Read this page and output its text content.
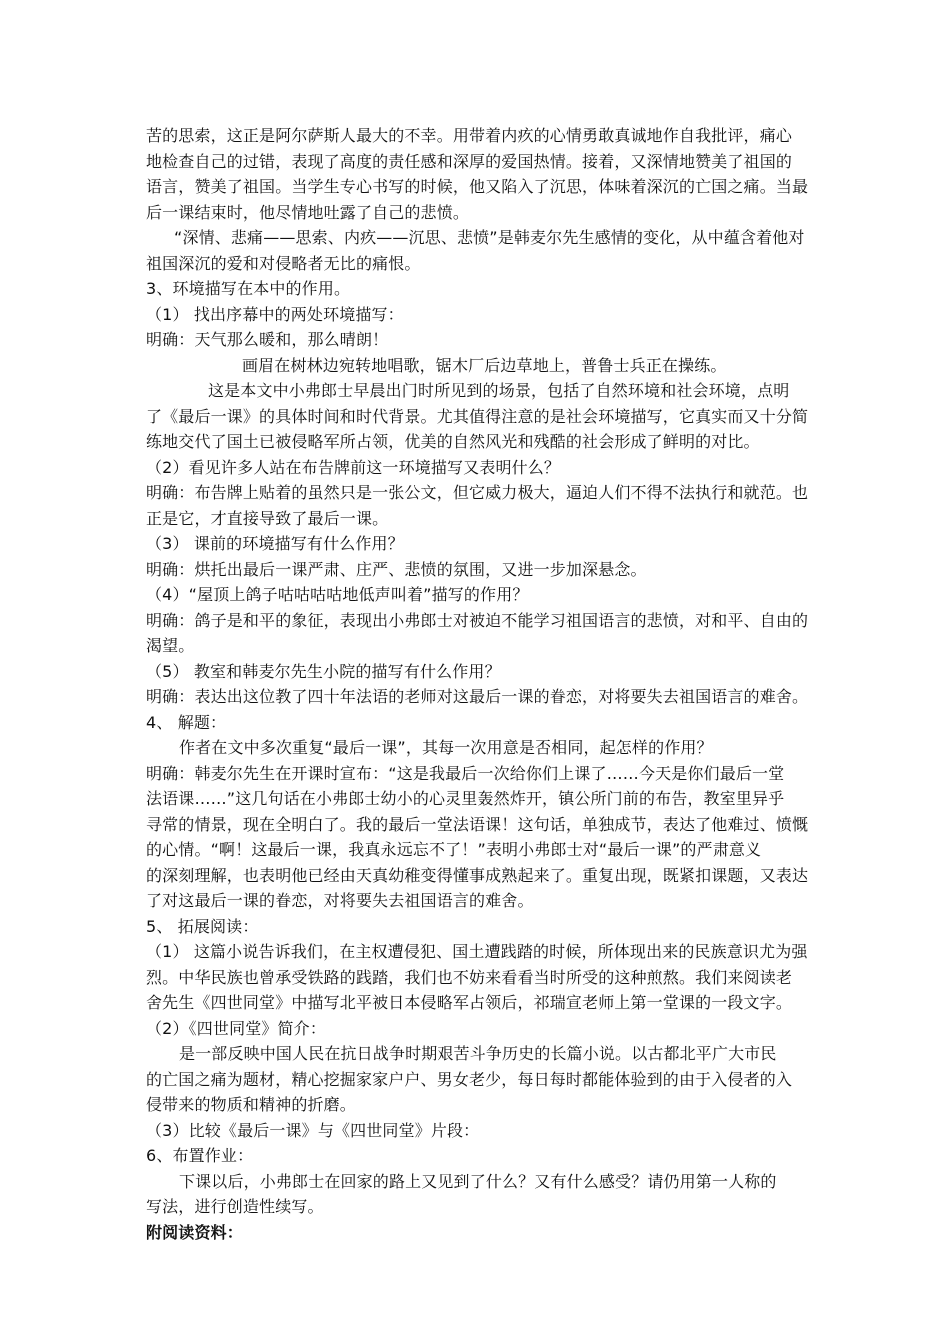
苦的思索，这正是阿尔萨斯人最大的不幸。用带着内疚的心情勇敢真诚地作自我批评，痛心
地检查自己的过错，表现了高度的责任感和深厚的爱国热情。接着，又深情地赞美了祖国的
语言，赞美了祖国。当学生专心书写的时候，他又陷入了沉思，体味着深沉的亡国之痛。当最
后一课结束时，他尽情地吐露了自己的悲愤。
“深情、悲痛——思索、内疚——沉思、悲愤”是韩麦尔先生感情的变化，从中蕴含着他对
祖国深沉的爱和对侵略者无比的痛恨。
3、环境描写在本中的作用。
（1） 找出序幕中的两处环境描写：
明确：天气那么暖和，那么晴朗！
画眉在树林边宛转地唱歌，锯木厂后边草地上，普鲁士兵正在操练。
这是本文中小弗郎士早晨出门时所见到的场景，包括了自然环境和社会环境，点明
了《最后一课》的具体时间和时代背景。尤其值得注意的是社会环境描写，它真实而又十分简
练地交代了国土已被侵略军所占领，优美的自然风光和残酷的社会形成了鲜明的对比。
（2）看见许多人站在布告牌前这一环境描写又表明什么？
明确：布告牌上贴着的虽然只是一张公文，但它威力极大，逼迫人们不得不法执行和就范。也
正是它，才直接导致了最后一课。
（3） 课前的环境描写有什么作用？
明确：烘托出最后一课严肃、庄严、悲愤的氛围，又进一步加深悬念。
（4）“屋顶上鸽子咕咕咕咕地低声叫着”描写的作用？
明确：鸽子是和平的象征，表现出小弗郎士对被迫不能学习祖国语言的悲愤，对和平、自由的
渴望。
（5） 教室和韩麦尔先生小院的描写有什么作用？
明确：表达出这位教了四十年法语的老师对这最后一课的眷恋，对将要失去祖国语言的难舍。
4、 解题：
作者在文中多次重复“最后一课”，其每一次用意是否相同，起怎样的作用？
明确：韩麦尔先生在开课时宣布：“这是我最后一次给你们上课了……今天是你们最后一堂
法语课……”这几句话在小弗郎士幼小的心灵里轰然炸开，镇公所门前的布告，教室里异乎
寻常的情景，现在全明白了。我的最后一堂法语课！这句话，单独成节，表达了他难过、愤慨
的心情。“啊！这最后一课，我真永远忘不了！”表明小弗郎士对“最后一课”的严肃意义
的深刻理解，也表明他已经由天真幼稚变得懂事成熟起来了。重复出现，既紧扣课题，又表达
了对这最后一课的眷恋，对将要失去祖国语言的难舍。
5、 拓展阅读：
（1） 这篇小说告诉我们，在主权遭侵犯、国土遭践踏的时候，所体现出来的民族意识尤为强
烈。中华民族也曾承受铁路的践踏，我们也不妨来看看当时所受的这种煎熬。我们来阅读老
舍先生《四世同堂》中描写北平被日本侵略军占领后，祁瑞宣老师上第一堂课的一段文字。
（2）《四世同堂》简介：
是一部反映中国人民在抗日战争时期艰苦斗争历史的长篇小说。以古都北平广大市民
的亡国之痛为题材，精心挖掘家家户户、男女老少，每日每时都能体验到的由于入侵者的入
侵带来的物质和精神的折磨。
（3）比较《最后一课》与《四世同堂》片段：
6、布置作业：
下课以后，小弗郎士在回家的路上又见到了什么？又有什么感受？请仍用第一人称的
写法，进行创造性续写。
附阅读资料：
